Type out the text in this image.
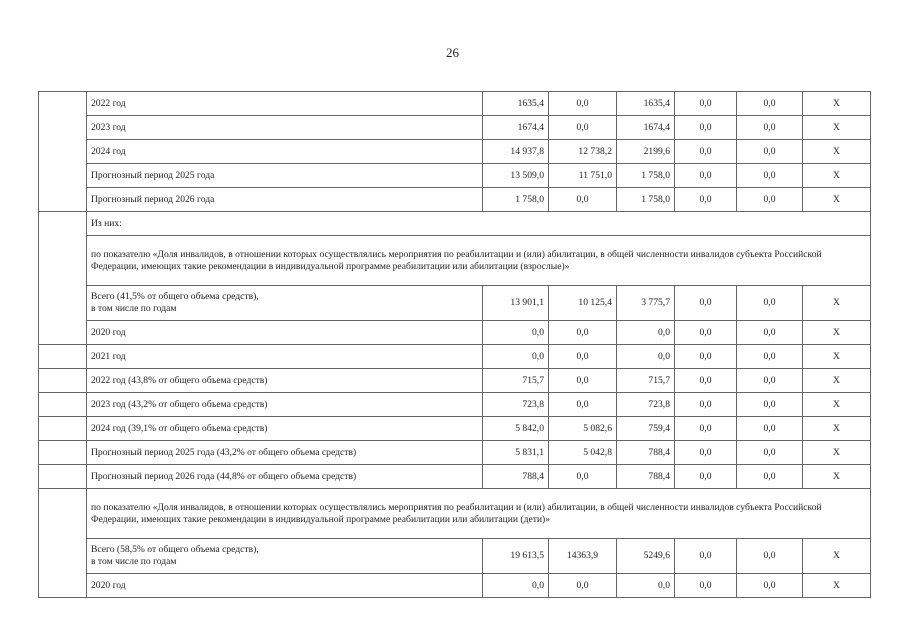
26
	2022 год	1635,4	0,0	1635,4	0,0	0,0	Х
	2023 год	1674,4	0,0	1674,4	0,0	0,0	Х
	2024 год	14 937,8	12 738,2	2199,6	0,0	0,0	Х
	Прогнозный период 2025 года	13 509,0	11 751,0	1 758,0	0,0	0,0	Х
	Прогнозный период 2026 года	1 758,0	0,0	1 758,0	0,0	0,0	Х
	Из них:						
	по показателю «Доля инвалидов, в отношении которых осуществлялись мероприятия по реабилитации и (или) абилитации, в общей численности инвалидов субъекта Российской Федерации, имеющих такие рекомендации в индивидуальной программе реабилитации или абилитации (взрослые)»						

	Всего (41,5% от общего объема средств),
в том числе по годам	13 901,1	10 125,4	3 775,7	0,0	0,0	Х
	2020 год	0,0	0,0	0,0	0,0	0,0	Х
	2021 год	0,0	0,0	0,0	0,0	0,0	Х
	2022 год (43,8% от общего объема средств)	715,7	0,0	715,7	0,0	0,0	Х
	2023 год (43,2% от общего объема средств)	723,8	0,0	723,8	0,0	0,0	Х
	2024 год (39,1% от общего объема средств)	5 842,0	5 082,6	759,4	0,0	0,0	Х
	Прогнозный период 2025 года (43,2% от общего объема средств)	5 831,1	5 042,8	788,4	0,0	0,0	Х
	Прогнозный период 2026 года (44,8% от общего объема средств)	788,4	0,0	788,4	0,0	0,0	Х
	по показателю «Доля инвалидов, в отношении которых осуществлялись мероприятия по реабилитации и (или) абилитации, в общей численности инвалидов субъекта Российской Федерации, имеющих такие рекомендации в индивидуальной программе реабилитации или абилитации (дети)»						

	Всего (58,5% от общего объема средств),
в том числе по годам	19 613,5	14363,9	5249,6	0,0	0,0	Х
	2020 год	0,0	0,0	0,0	0,0	0,0	Х
